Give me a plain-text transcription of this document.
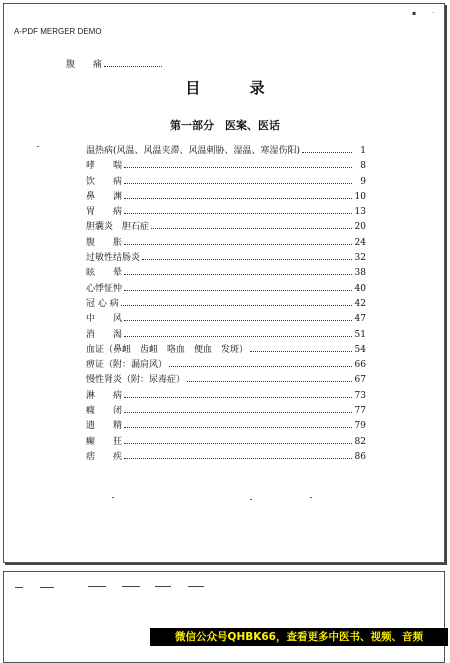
▪	·
A-PDF MERGER DEMO
目 录
第一部分　医案、医话
温热病(风温、风温夹滞、风温刺胁、湿温、寒湿伤阳)	1
哮　　喘	8
饮　　病	9
鼻　　渊	10
胃　　病	13
胆囊炎　胆石症	20
腹　　胀	24
过敏性结肠炎	32
眩　　晕	38
心悸怔忡	40
冠 心 病	42
中　　风	47
消　　渴	51
血证（鼻衄　齿衄　咯血　便血　发斑）	54
痹证（附：漏肩风）	66
慢性肾炎（附：尿毒症）	67
淋　　病	73
癃　　闭	77
遗　　精	79
癫　　狂	82
痞　　疾	86
腹　　痛
微信公众号QHBK66，查看更多中医书、视频、音频
